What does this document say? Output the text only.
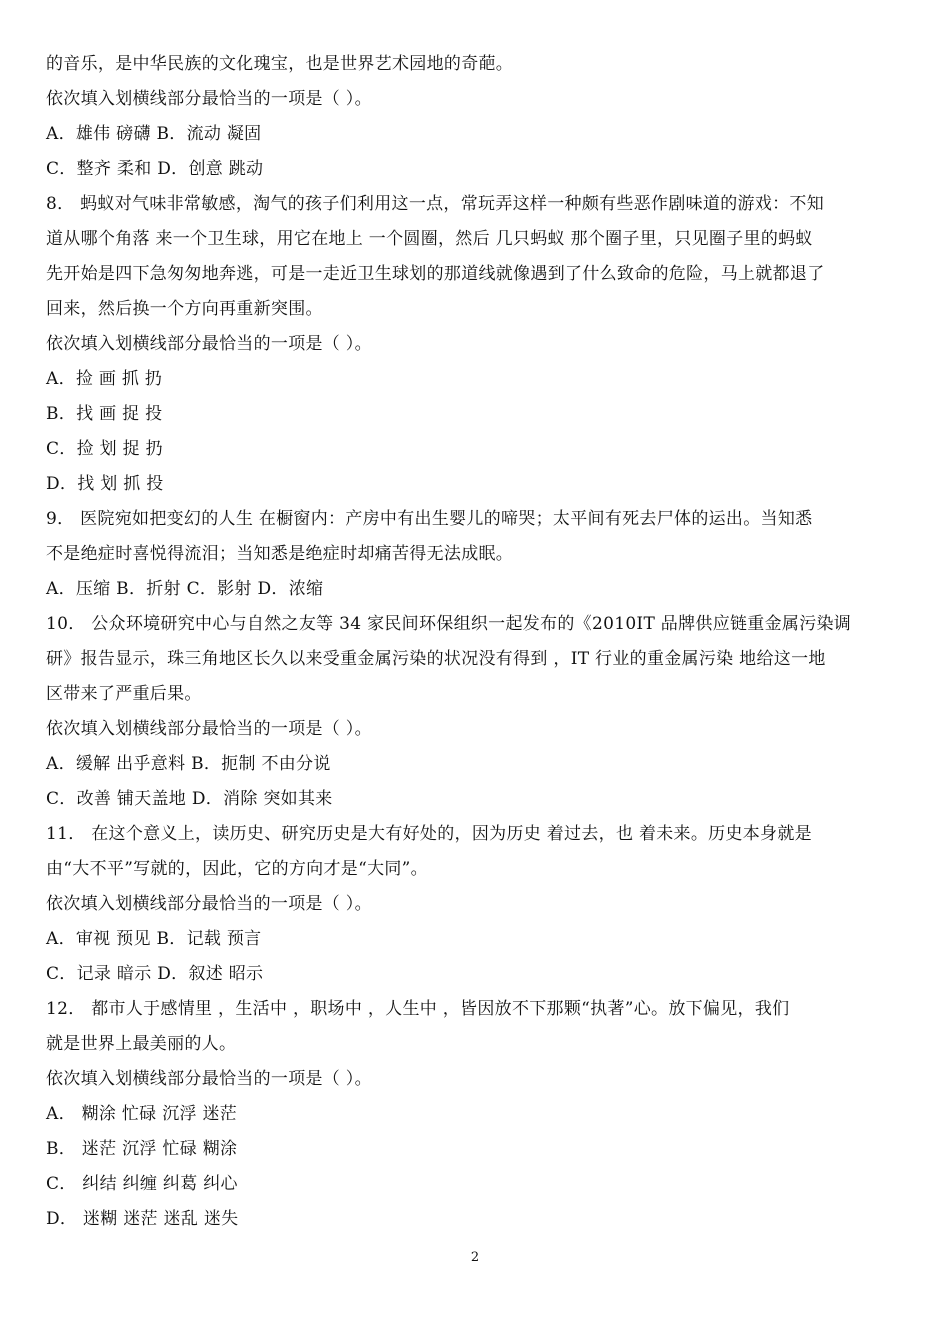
的音乐，是中华民族的文化瑰宝，也是世界艺术园地的奇葩。
依次填入划横线部分最恰当的一项是（ ）。
A．雄伟 磅礴 B．流动 凝固
C．整齐 柔和 D．创意 跳动
8． 蚂蚁对气味非常敏感，淘气的孩子们利用这一点，常玩弄这样一种颇有些恶作剧味道的游戏：不知
道从哪个角落 来一个卫生球，用它在地上 一个圆圈，然后 几只蚂蚁 那个圈子里，只见圈子里的蚂蚁
先开始是四下急匆匆地奔逃，可是一走近卫生球划的那道线就像遇到了什么致命的危险，马上就都退了
回来，然后换一个方向再重新突围。
依次填入划横线部分最恰当的一项是（ ）。
A．捡 画 抓 扔
B．找 画 捉 投
C．捡 划 捉 扔
D．找 划 抓 投
9． 医院宛如把变幻的人生 在橱窗内：产房中有出生婴儿的啼哭；太平间有死去尸体的运出。当知悉
不是绝症时喜悦得流泪；当知悉是绝症时却痛苦得无法成眠。
A．压缩 B．折射 C．影射 D．浓缩
10． 公众环境研究中心与自然之友等 34 家民间环保组织一起发布的《2010IT 品牌供应链重金属污染调
研》报告显示，珠三角地区长久以来受重金属污染的状况没有得到 ，IT 行业的重金属污染 地给这一地
区带来了严重后果。
依次填入划横线部分最恰当的一项是（ ）。
A．缓解 出乎意料 B．扼制 不由分说
C．改善 铺天盖地 D．消除 突如其来
11． 在这个意义上，读历史、研究历史是大有好处的，因为历史 着过去，也 着未来。历史本身就是
由“大不平”写就的，因此，它的方向才是“大同”。
依次填入划横线部分最恰当的一项是（ ）。
A．审视 预见 B．记载 预言
C．记录 暗示 D．叙述 昭示
12． 都市人于感情里 ，生活中 ，职场中 ，人生中 ，皆因放不下那颗“执著”心。放下偏见，我们
就是世界上最美丽的人。
依次填入划横线部分最恰当的一项是（ ）。
A． 糊涂 忙碌 沉浮 迷茫
B． 迷茫 沉浮 忙碌 糊涂
C． 纠结 纠缠 纠葛 纠心
D． 迷糊 迷茫 迷乱 迷失
2
